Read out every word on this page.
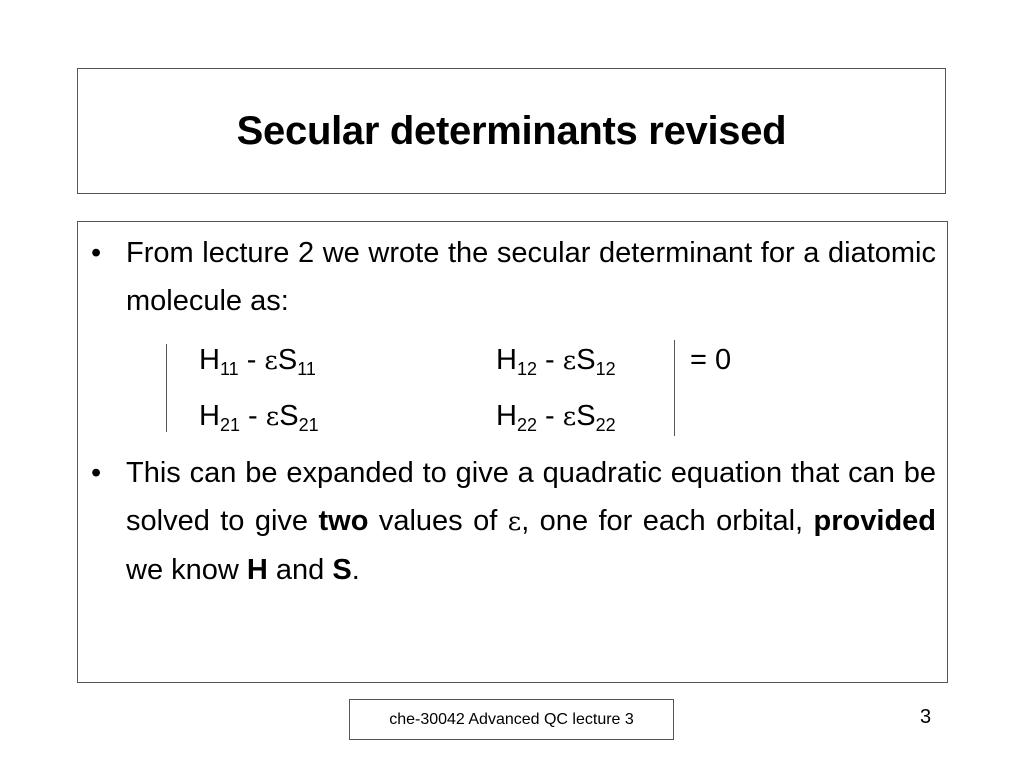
Secular determinants revised
• From lecture 2 we wrote the secular determinant for a diatomic molecule as:
$H_{11} - \varepsilon S_{11}$	$H_{12} - \varepsilon S_{12}$	= 0
$H_{21} - \varepsilon S_{21}$	$H_{22} - \varepsilon S_{22}$
• This can be expanded to give a quadratic equation that can be solved to give two values of ε, one for each orbital, provided we know H and S.
che-30042 Advanced QC lecture 3	3
